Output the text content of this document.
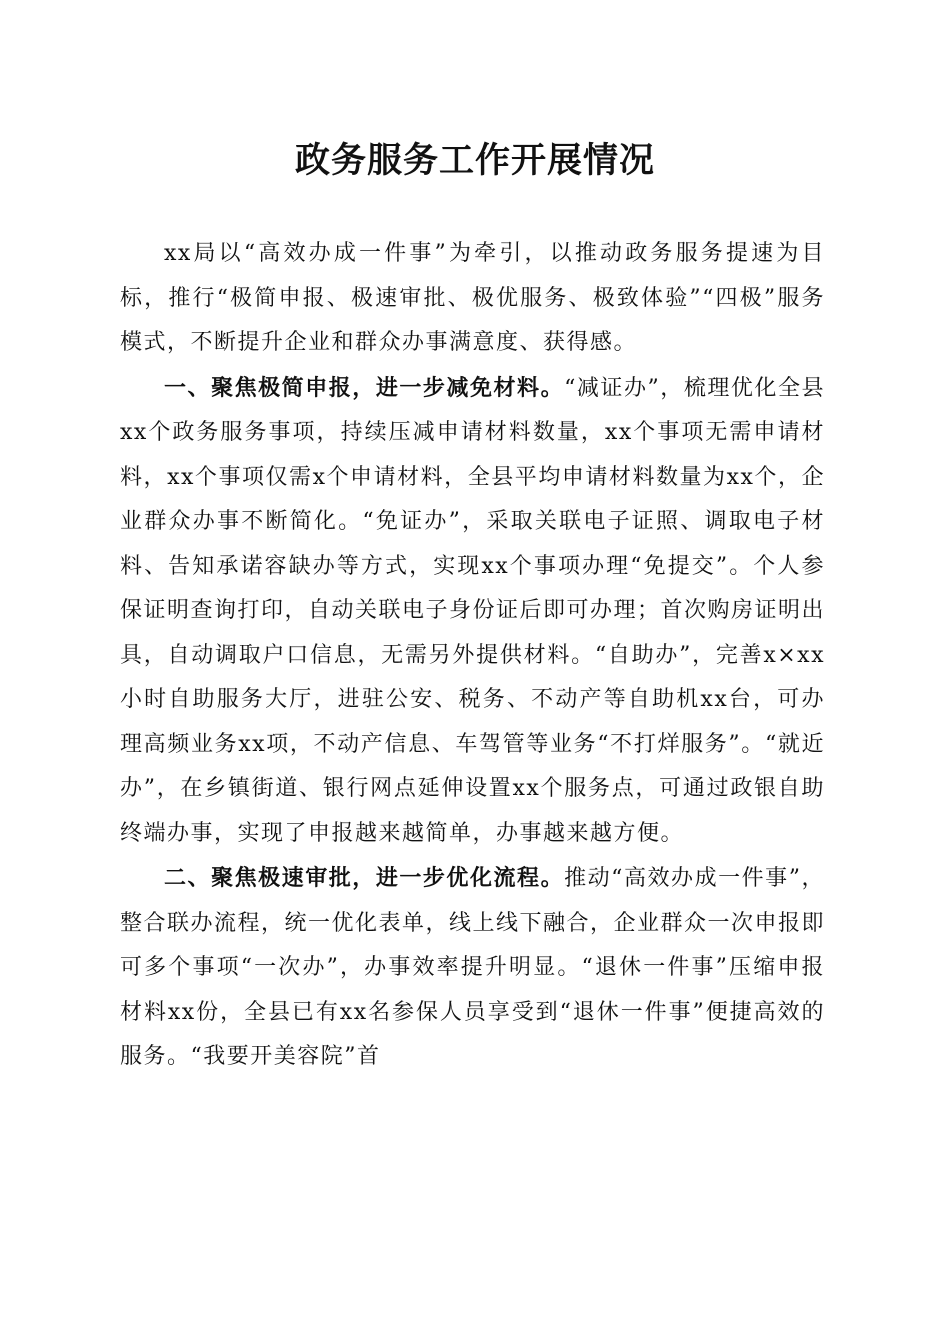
政务服务工作开展情况

xx局以“高效办成一件事”为牵引，以推动政务服务提速为目标，推行“极简申报、极速审批、极优服务、极致体验”“四极”服务模式，不断提升企业和群众办事满意度、获得感。

一、聚焦极简申报，进一步减免材料。“减证办”，梳理优化全县xx个政务服务事项，持续压减申请材料数量，xx个事项无需申请材料，xx个事项仅需x个申请材料，全县平均申请材料数量为xx个，企业群众办事不断简化。“免证办”，采取关联电子证照、调取电子材料、告知承诺容缺办等方式，实现xx个事项办理“免提交”。个人参保证明查询打印，自动关联电子身份证后即可办理；首次购房证明出具，自动调取户口信息，无需另外提供材料。“自助办”，完善x×xx小时自助服务大厅，进驻公安、税务、不动产等自助机xx台，可办理高频业务xx项，不动产信息、车驾管等业务“不打烊服务”。“就近办”，在乡镇街道、银行网点延伸设置xx个服务点，可通过政银自助终端办事，实现了申报越来越简单，办事越来越方便。

二、聚焦极速审批，进一步优化流程。推动“高效办成一件事”，整合联办流程，统一优化表单，线上线下融合，企业群众一次申报即可多个事项“一次办”，办事效率提升明显。“退休一件事”压缩申报材料xx份，全县已有xx名参保人员享受到“退休一件事”便捷高效的服务。“我要开美容院”首
